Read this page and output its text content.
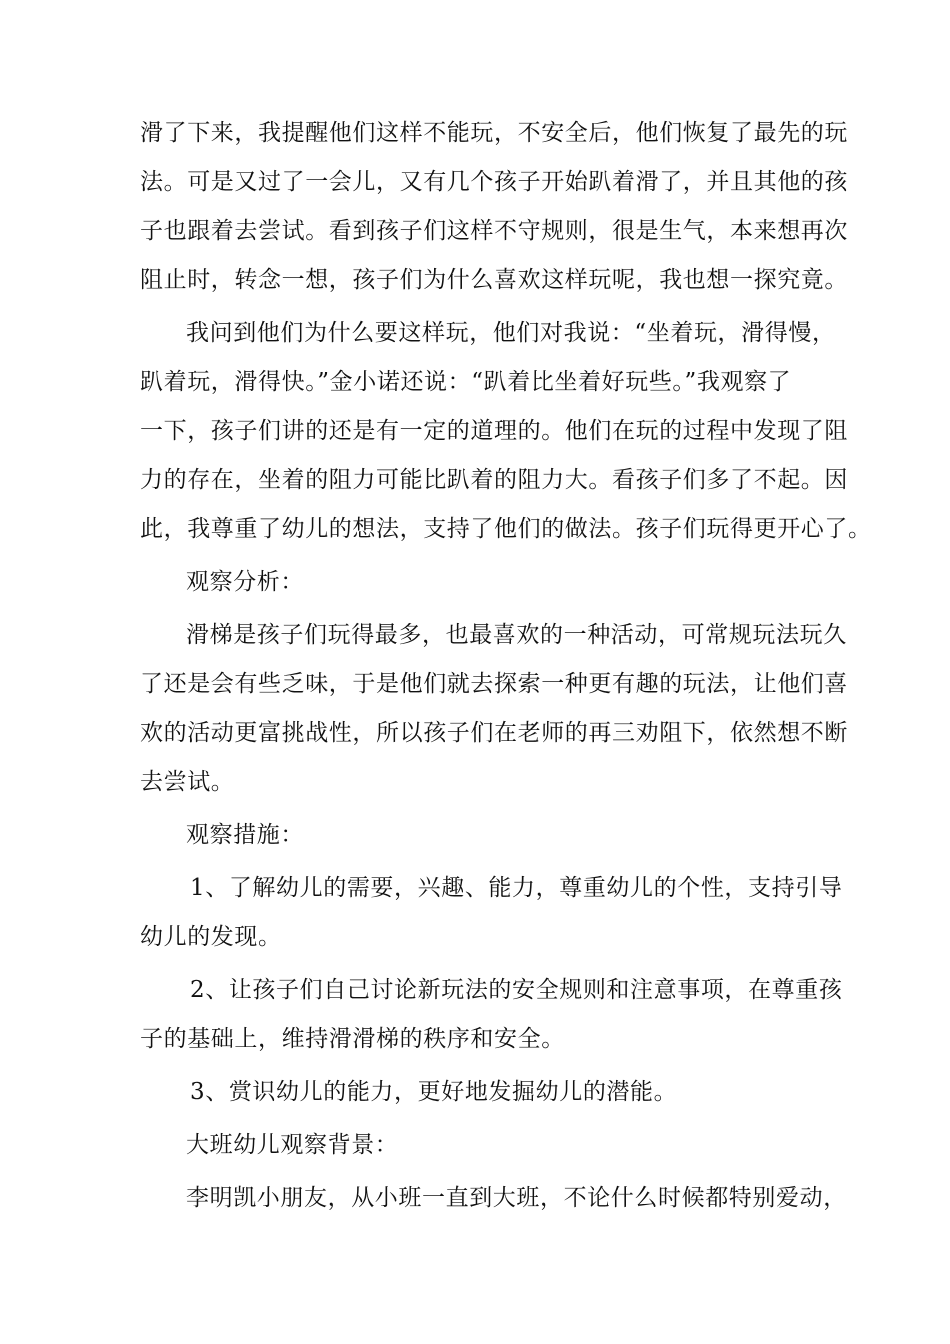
滑了下来，我提醒他们这样不能玩，不安全后，他们恢复了最先的玩
法。可是又过了一会儿，又有几个孩子开始趴着滑了，并且其他的孩
子也跟着去尝试。看到孩子们这样不守规则，很是生气，本来想再次
阻止时，转念一想，孩子们为什么喜欢这样玩呢，我也想一探究竟。
我问到他们为什么要这样玩，他们对我说：“坐着玩，滑得慢，
趴着玩，滑得快。”金小诺还说：“趴着比坐着好玩些。”我观察了
一下，孩子们讲的还是有一定的道理的。他们在玩的过程中发现了阻
力的存在，坐着的阻力可能比趴着的阻力大。看孩子们多了不起。因
此，我尊重了幼儿的想法，支持了他们的做法。孩子们玩得更开心了。
观察分析：
滑梯是孩子们玩得最多，也最喜欢的一种活动，可常规玩法玩久
了还是会有些乏味，于是他们就去探索一种更有趣的玩法，让他们喜
欢的活动更富挑战性，所以孩子们在老师的再三劝阻下，依然想不断
去尝试。
观察措施：
1、了解幼儿的需要，兴趣、能力，尊重幼儿的个性，支持引导
幼儿的发现。
2、让孩子们自己讨论新玩法的安全规则和注意事项，在尊重孩
子的基础上，维持滑滑梯的秩序和安全。
3、赏识幼儿的能力，更好地发掘幼儿的潜能。
大班幼儿观察背景：
李明凯小朋友，从小班一直到大班，不论什么时候都特别爱动，
